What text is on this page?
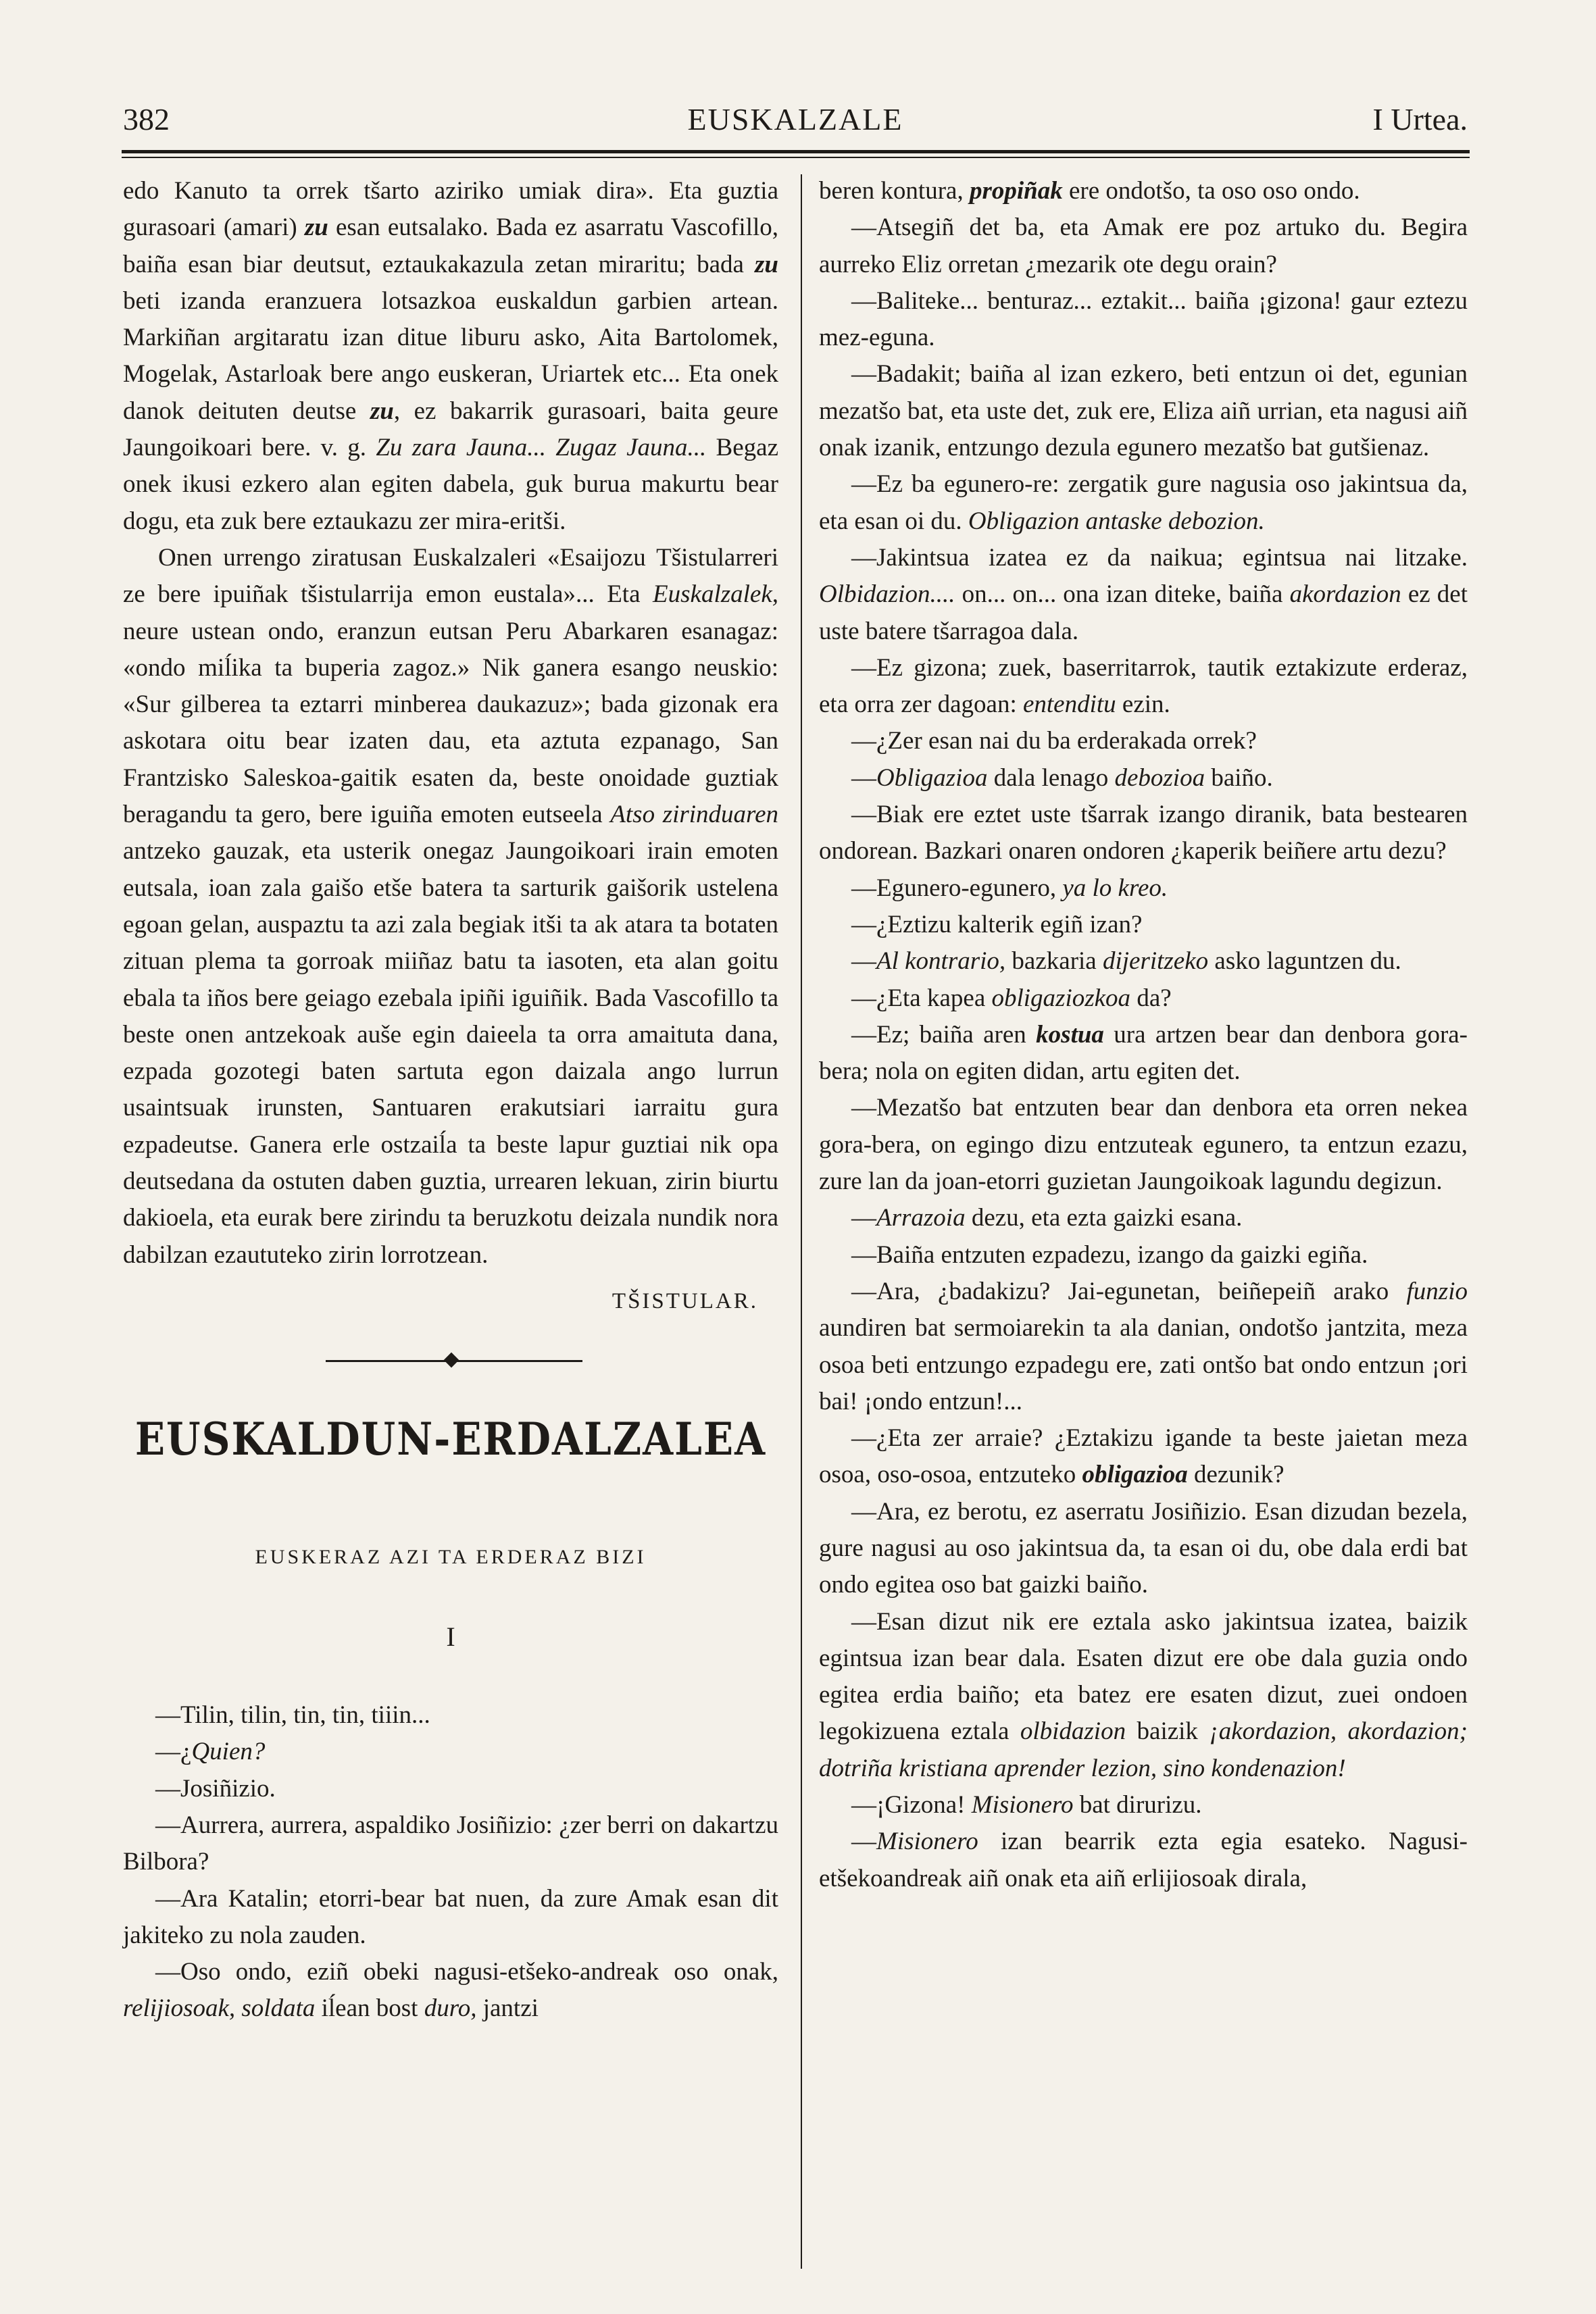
382	EUSKALZALE	I Urtea.

edo Kanuto ta orrek tšarto aziriko umiak dira». Eta guztia gurasoari (amari) zu esan eutsalako. Bada ez asarratu Vascofillo, baiña esan biar deutsut, eztaukakazula zetan miraritu; bada zu beti izanda eranzuera lotsazkoa euskaldun garbien artean. Markiñan argitaratu izan ditue liburu asko, Aita Bartolomek, Mogelak, Astarloak bere ango euskeran, Uriartek etc... Eta onek danok deituten deutse zu, ez bakarrik gurasoari, baita geure Jaungoikoari bere. v. g. Zu zara Jauna... Zugaz Jauna... Begaz onek ikusi ezkero alan egiten dabela, guk burua makurtu bear dogu, eta zuk bere eztaukazu zer mira-eritši.

Onen urrengo ziratusan Euskalzaleri «Esaijozu Tšistularreri ze bere ipuiñak tšistularrija emon eustala»... Eta Euskalzalek, neure ustean ondo, eranzun eutsan Peru Abarkaren esanagaz: «ondo miĺika ta buperia zagoz.» Nik ganera esango neuskio: «Sur gilberea ta eztarri minberea daukazuz»; bada gizonak era askotara oitu bear izaten dau, eta aztuta ezpanago, San Frantzisko Saleskoa-gaitik esaten da, beste onoidade guztiak beragandu ta gero, bere iguiña emoten eutseela Atso zirinduaren antzeko gauzak, eta usterik onegaz Jaungoikoari irain emoten eutsala, ioan zala gaišo etše batera ta sarturik gaišorik ustelena egoan gelan, auspaztu ta azi zala begiak itši ta ak atara ta botaten zituan plema ta gorroak miiñaz batu ta iasoten, eta alan goitu ebala ta iños bere geiago ezebala ipiñi iguiñik. Bada Vascofillo ta beste onen antzekoak auše egin daieela ta orra amaituta dana, ezpada gozotegi baten sartuta egon daizala ango lurrun usaintsuak irunsten, Santuaren erakutsiari iarraitu gura ezpadeutse. Ganera erle ostzaiĺa ta beste lapur guztiai nik opa deutsedana da ostuten daben guztia, urrearen lekuan, zirin biurtu dakioela, eta eurak bere zirindu ta beruzkotu deizala nundik nora dabilzan ezaututeko zirin lorrotzean.

TŠISTULAR.

EUSKALDUN-ERDALZALEA

EUSKERAZ AZI TA ERDERAZ BIZI

I

—Tilin, tilin, tin, tin, tiiin...

—¿Quien?

—Josiñizio.

—Aurrera, aurrera, aspaldiko Josiñizio: ¿zer berri on dakartzu Bilbora?

—Ara Katalin; etorri-bear bat nuen, da zure Amak esan dit jakiteko zu nola zauden.

—Oso ondo, eziñ obeki nagusi-etšeko-andreak oso onak, relijiosoak, soldata iĺean bost duro, jantzi

beren kontura, propiñak ere ondotšo, ta oso oso ondo.

—Atsegiñ det ba, eta Amak ere poz artuko du. Begira aurreko Eliz orretan ¿mezarik ote degu orain?

—Baliteke... benturaz... eztakit... baiña ¡gizona! gaur eztezu mez-eguna.

—Badakit; baiña al izan ezkero, beti entzun oi det, egunian mezatšo bat, eta uste det, zuk ere, Eliza aiñ urrian, eta nagusi aiñ onak izanik, entzungo dezula egunero mezatšo bat gutšienaz.

—Ez ba egunero-re: zergatik gure nagusia oso jakintsua da, eta esan oi du. Obligazion antaske debozion.

—Jakintsua izatea ez da naikua; egintsua nai litzake. Olbidazion.... on... on... ona izan diteke, baiña akordazion ez det uste batere tšarragoa dala.

—Ez gizona; zuek, baserritarrok, tautik eztakizute erderaz, eta orra zer dagoan: entenditu ezin.

—¿Zer esan nai du ba erderakada orrek?

—Obligazioa dala lenago debozioa baiño.

—Biak ere eztet uste tšarrak izango diranik, bata bestearen ondorean. Bazkari onaren ondoren ¿kaperik beiñere artu dezu?

—Egunero-egunero, ya lo kreo.

—¿Eztizu kalterik egiñ izan?

—Al kontrario, bazkaria dijeritzeko asko laguntzen du.

—¿Eta kapea obligaziozkoa da?

—Ez; baiña aren kostua ura artzen bear dan denbora gora-bera; nola on egiten didan, artu egiten det.

—Mezatšo bat entzuten bear dan denbora eta orren nekea gora-bera, on egingo dizu entzuteak egunero, ta entzun ezazu, zure lan da joan-etorri guzietan Jaungoikoak lagundu degizun.

—Arrazoia dezu, eta ezta gaizki esana.

—Baiña entzuten ezpadezu, izango da gaizki egiña.

—Ara, ¿badakizu? Jai-egunetan, beiñepeiñ arako funzio aundiren bat sermoiarekin ta ala danian, ondotšo jantzita, meza osoa beti entzungo ezpadegu ere, zati ontšo bat ondo entzun ¡ori bai! ¡ondo entzun!...

—¿Eta zer arraie? ¿Eztakizu igande ta beste jaietan meza osoa, oso-osoa, entzuteko obligazioa dezunik?

—Ara, ez berotu, ez aserratu Josiñizio. Esan dizudan bezela, gure nagusi au oso jakintsua da, ta esan oi du, obe dala erdi bat ondo egitea oso bat gaizki baiño.

—Esan dizut nik ere eztala asko jakintsua izatea, baizik egintsua izan bear dala. Esaten dizut ere obe dala guzia ondo egitea erdia baiño; eta batez ere esaten dizut, zuei ondoen legokizuena eztala olbidazion baizik ¡akordazion, akordazion; dotriña kristiana aprender lezion, sino kondenazion!

—¡Gizona! Misionero bat dirurizu.

—Misionero izan bearrik ezta egia esateko. Nagusi-etšekoandreak aiñ onak eta aiñ erlijiosoak dirala,
